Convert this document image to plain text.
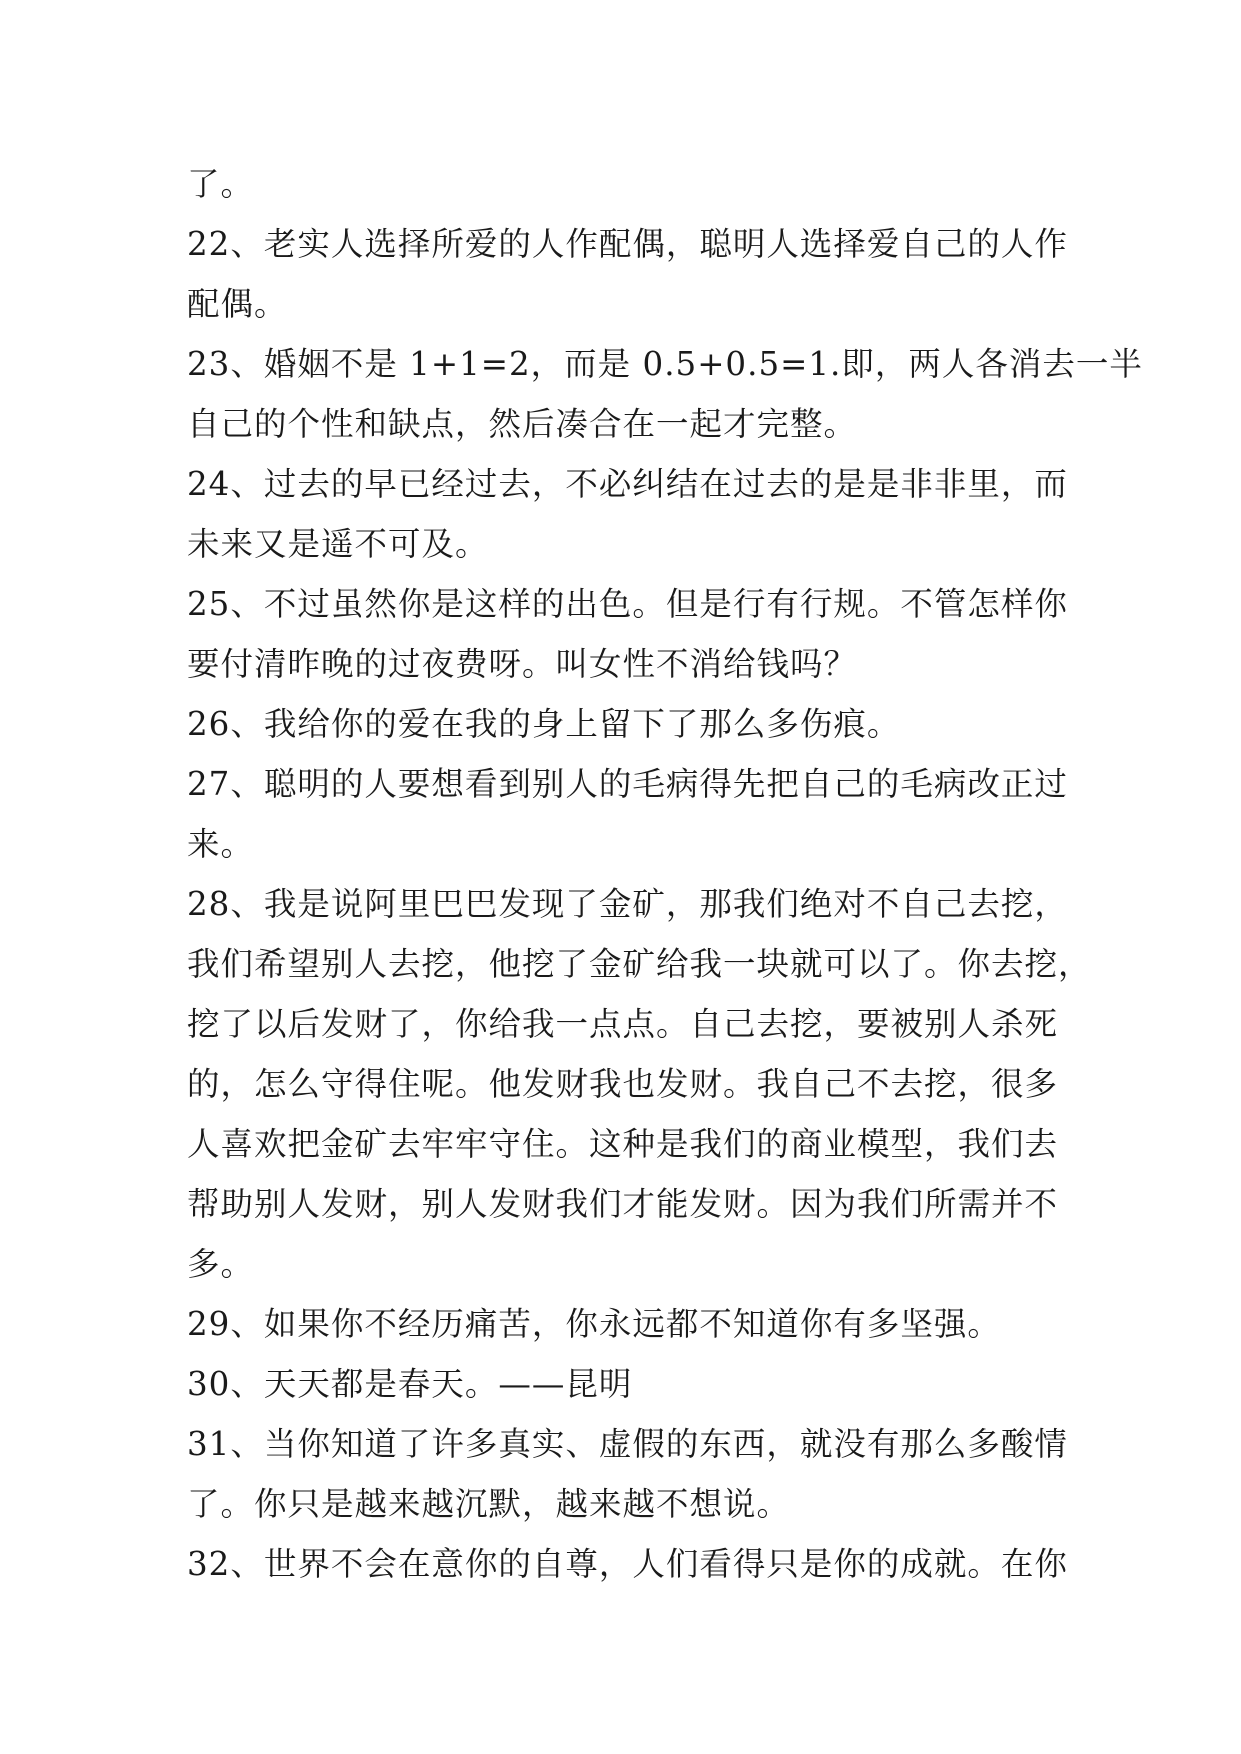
了。
22、老实人选择所爱的人作配偶，聪明人选择爱自己的人作
配偶。
23、婚姻不是 1+1=2，而是 0.5+0.5=1.即，两人各消去一半
自己的个性和缺点，然后凑合在一起才完整。
24、过去的早已经过去，不必纠结在过去的是是非非里，而
未来又是遥不可及。
25、不过虽然你是这样的出色。但是行有行规。不管怎样你
要付清昨晚的过夜费呀。叫女性不消给钱吗？
26、我给你的爱在我的身上留下了那么多伤痕。
27、聪明的人要想看到别人的毛病得先把自己的毛病改正过
来。
28、我是说阿里巴巴发现了金矿，那我们绝对不自己去挖，
我们希望别人去挖，他挖了金矿给我一块就可以了。你去挖，
挖了以后发财了，你给我一点点。自己去挖，要被别人杀死
的，怎么守得住呢。他发财我也发财。我自己不去挖，很多
人喜欢把金矿去牢牢守住。这种是我们的商业模型，我们去
帮助别人发财，别人发财我们才能发财。因为我们所需并不
多。
29、如果你不经历痛苦，你永远都不知道你有多坚强。
30、天天都是春天。——昆明
31、当你知道了许多真实、虚假的东西，就没有那么多酸情
了。你只是越来越沉默，越来越不想说。
32、世界不会在意你的自尊，人们看得只是你的成就。在你
